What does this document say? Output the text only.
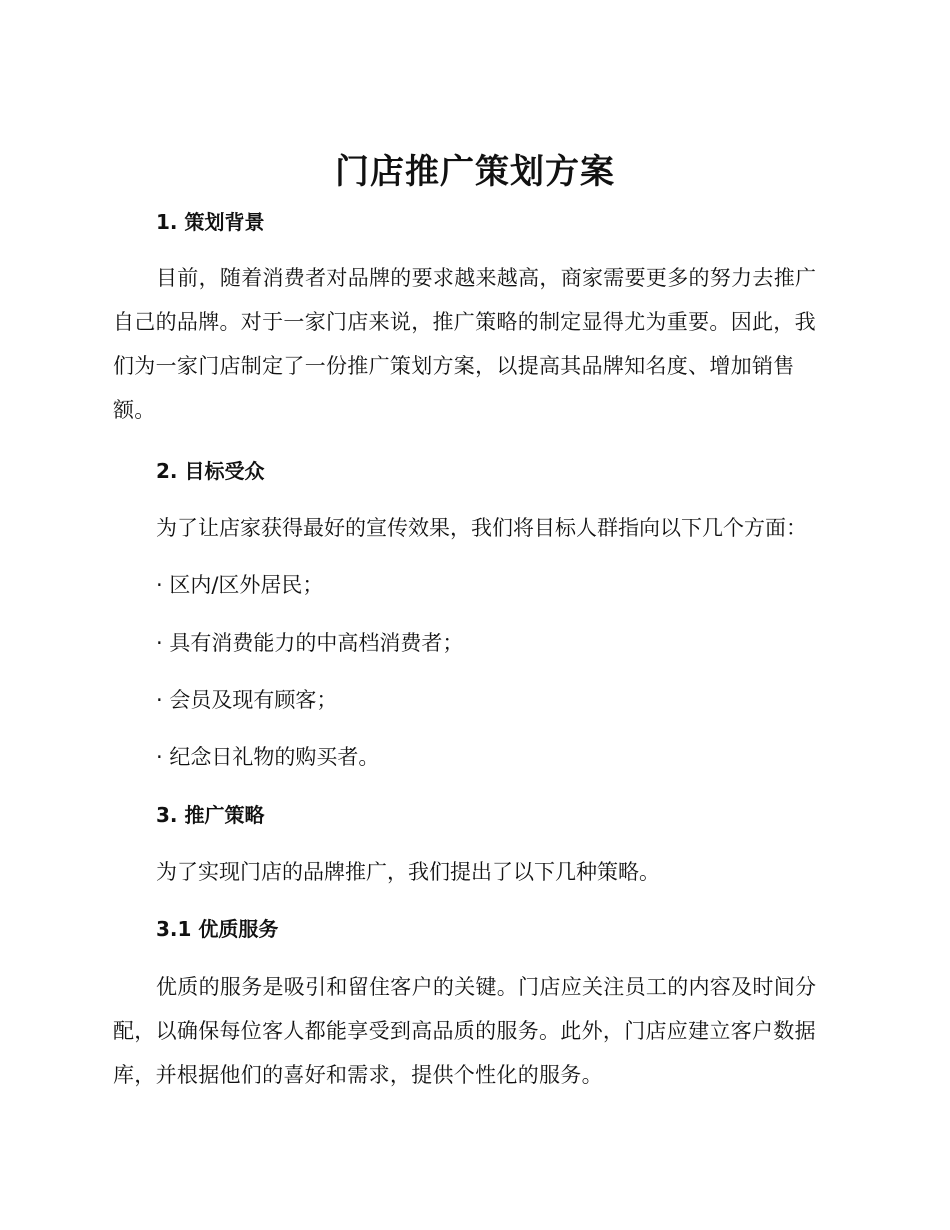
门店推广策划方案
1. 策划背景
目前，随着消费者对品牌的要求越来越高，商家需要更多的努力去推广自己的品牌。对于一家门店来说，推广策略的制定显得尤为重要。因此，我们为一家门店制定了一份推广策划方案，以提高其品牌知名度、增加销售额。
2. 目标受众
为了让店家获得最好的宣传效果，我们将目标人群指向以下几个方面：
· 区内/区外居民；
· 具有消费能力的中高档消费者；
· 会员及现有顾客；
· 纪念日礼物的购买者。
3. 推广策略
为了实现门店的品牌推广，我们提出了以下几种策略。
3.1 优质服务
优质的服务是吸引和留住客户的关键。门店应关注员工的内容及时间分配，以确保每位客人都能享受到高品质的服务。此外，门店应建立客户数据库，并根据他们的喜好和需求，提供个性化的服务。
